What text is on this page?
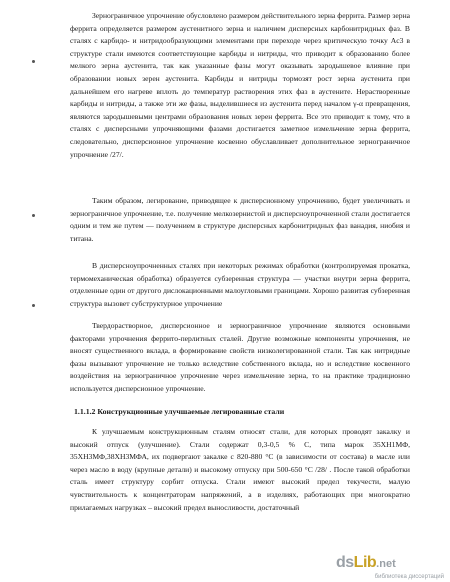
Зернограничное упрочнение обусловлено размером действительного зерна феррита. Размер зерна феррита определяется размером аустенитного зерна и наличием дисперсных карбонитридных фаз. В сталях с карбидо- и нитридообразующими элементами при переходе через критическую точку Ac3 в структуре стали имеются соответствующие карбиды и нитриды, что приводит к образованию более мелкого зерна аустенита, так как указанные фазы могут оказывать зародышевое влияние при образовании новых зерен аустенита. Карбиды и нитриды тормозят рост зерна аустенита при дальнейшем его нагреве вплоть до температур растворения этих фаз в аустените. Нерастворенные карбиды и нитриды, а также эти же фазы, выделившиеся из аустенита перед началом γ-α превращения, являются зародышевыми центрами образования новых зерен феррита. Все это приводит к тому, что в сталях с дисперсными упрочняющими фазами достигается заметное измельчение зерна феррита, следовательно, дисперсионное упрочнение косвенно обуславливает дополнительное зернограничное упрочнение /27/.

Таким образом, легирование, приводящее к дисперсионному упрочнению, будет увеличивать и зернограничное упрочнение, т.е. получение мелкозернистой и дисперсноупрочненной стали достигается одним и тем же путем — получением в структуре дисперсных карбонитридных фаз ванадия, ниобия и титана.

В дисперсноупрочненных сталях при некоторых режимах обработки (контролируемая прокатка, термомеханическая обработка) образуется субзеренная структура — участки внутри зерна феррита, отделенные один от другого дислокационными малоугловыми границами. Хорошо развитая субзеренная структура вызовет субструктурное упрочнение

Твердорастворное, дисперсионное и зернограничное упрочнение являются основными факторами упрочнения феррито-перлитных сталей. Другие возможные компоненты упрочнения, не вносят существенного вклада, в формирование свойств низколегированной стали. Так как нитридные фазы вызывают упрочнение не только вследствие собственного вклада, но и вследствие косвенного воздействия на зернограничное упрочнение через измельчение зерна, то на практике традиционно используется дисперсионное упрочнение.

1.1.1.2 Конструкционные улучшаемые легированные стали

К улучшаемым конструкционным сталям относят стали, для которых проводят закалку и высокий отпуск (улучшение). Стали содержат 0,3-0,5 % С, типа марок 35ХН1МФ, 35ХН3МФ,38ХН3МФА, их подвергают закалке с 820-880 °С (в зависимости от состава) в масле или через масло в воду (крупные детали) и высокому отпуску при 500-650 °С /28/ . После такой обработки сталь имеет структуру сорбит отпуска. Стали имеют высокий предел текучести, малую чувствительность к концентраторам напряжений, а в изделиях, работающих при многократно прилагаемых нагрузках – высокий предел выносливости, достаточный

ds Lib .net
библиотека диссертаций
